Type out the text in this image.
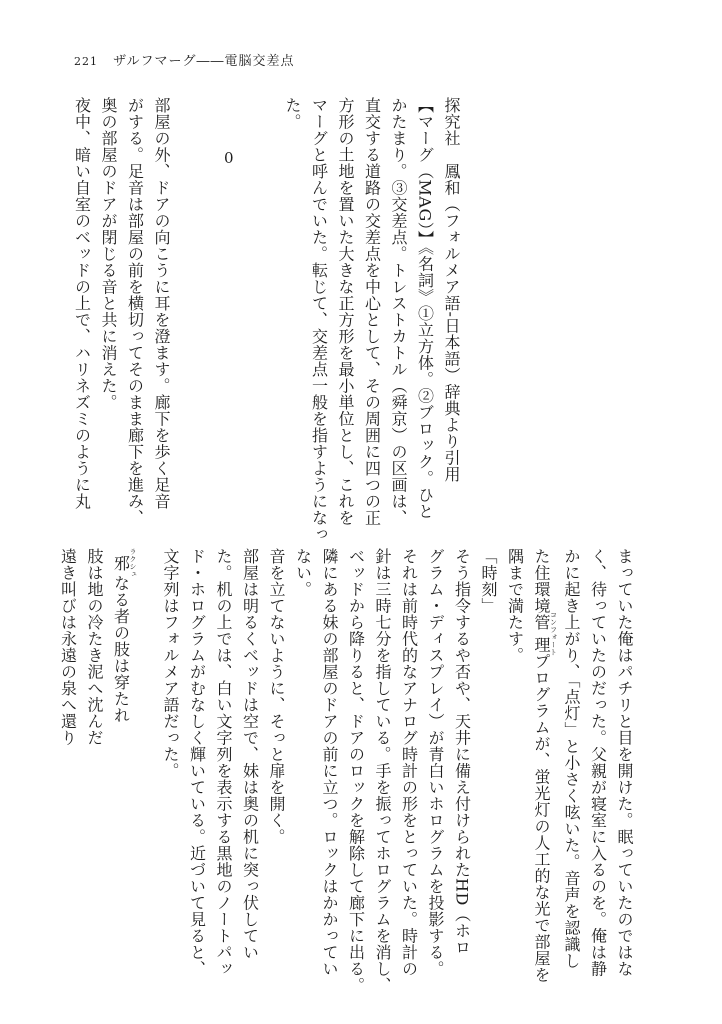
221 ザルフマーグ――電脳交差点
探究社　鳳和（フォルメア語‐日本語）辞典より引用
【マーグ（MAG）】《名詞》①立方体。②ブロック。ひと
かたまり。③交差点。トレストカトル（舜京）の区画は、
直交する道路の交差点を中心として、その周囲に四つの正
方形の土地を置いた大きな正方形を最小単位とし、これを
マーグと呼んでいた。転じて、交差点一般を指すようになっ
た。
0
部屋の外、ドアの向こうに耳を澄ます。廊下を歩く足音
がする。足音は部屋の前を横切ってそのまま廊下を進み、
奥の部屋のドアが閉じる音と共に消えた。
夜中、暗い自室のベッドの上で、ハリネズミのように丸
まっていた俺はパチリと目を開けた。眠っていたのではな
く、待っていたのだった。父親が寝室に入るのを。俺は静
かに起き上がり、「点灯」と小さく呟いた。音声を認識し
た住環境管理コンフォートプログラムが、蛍光灯の人工的な光で部屋を
隅まで満たす。
「時刻」
そう指令するや否や、天井に備え付けられたHD（ホロ
グラム・ディスプレイ）が青白いホログラムを投影する。
それは前時代的なアナログ時計の形をとっていた。時計の
針は三時七分を指している。手を振ってホログラムを消し、
ベッドから降りると、ドアのロックを解除して廊下に出る。
隣にある妹の部屋のドアの前に立つ。ロックはかかってい
ない。
音を立てないように、そっと扉を開く。
部屋は明るくベッドは空で、妹は奥の机に突っ伏してい
た。机の上では、白い文字列を表示する黒地のノートパッ
ド・ホログラムがむなしく輝いている。近づいて見ると、
文字列はフォルメア語だった。
邪ラクシュなる者の肢は穿たれ
肢は地の冷たき泥へ沈んだ
遠き叫びは永遠の泉へ還り
